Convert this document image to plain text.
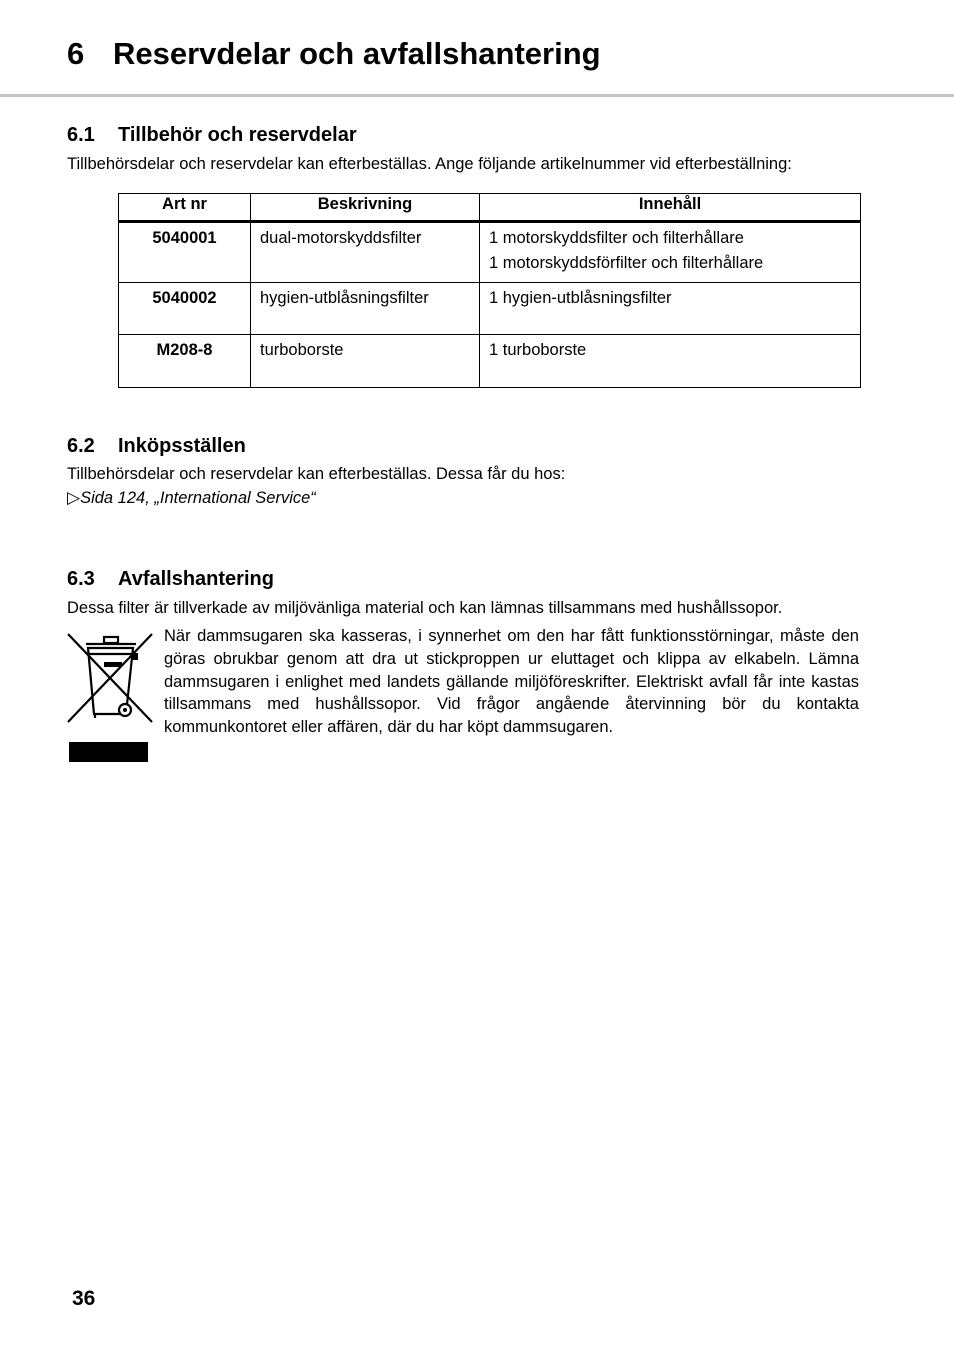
6 Reservdelar och avfallshantering
6.1 Tillbehör och reservdelar

Tillbehörsdelar och reservdelar kan efterbeställas. Ange följande artikelnummer vid efterbeställning:

Art nr	Beskrivning	Innehåll
5040001	dual-motorskyddsfilter	1 motorskyddsfilter och filterhållare
1 motorskyddsförfilter och filterhållare

5040002	hygien-utblåsningsfilter	1 hygien-utblåsningsfilter

M208-8	turboborste	1 turboborste
6.2 Inköpsställen

Tillbehörsdelar och reservdelar kan efterbeställas. Dessa får du hos:

▷Sida 124, „International Service“
6.3 Avfallshantering

Dessa filter är tillverkade av miljövänliga material och kan lämnas tillsammans med hushållssopor.

När dammsugaren ska kasseras, i synnerhet om den har fått funktionsstörningar, måste den göras obrukbar genom att dra ut stickproppen ur eluttaget och klippa av elkabeln. Lämna dammsugaren i enlighet med landets gällande miljöföreskrifter. Elektriskt avfall får inte kastas tillsammans med hushållssopor. Vid frågor angående återvinning bör du kontakta kommunkontoret eller affären, där du har köpt dammsugaren.

36
